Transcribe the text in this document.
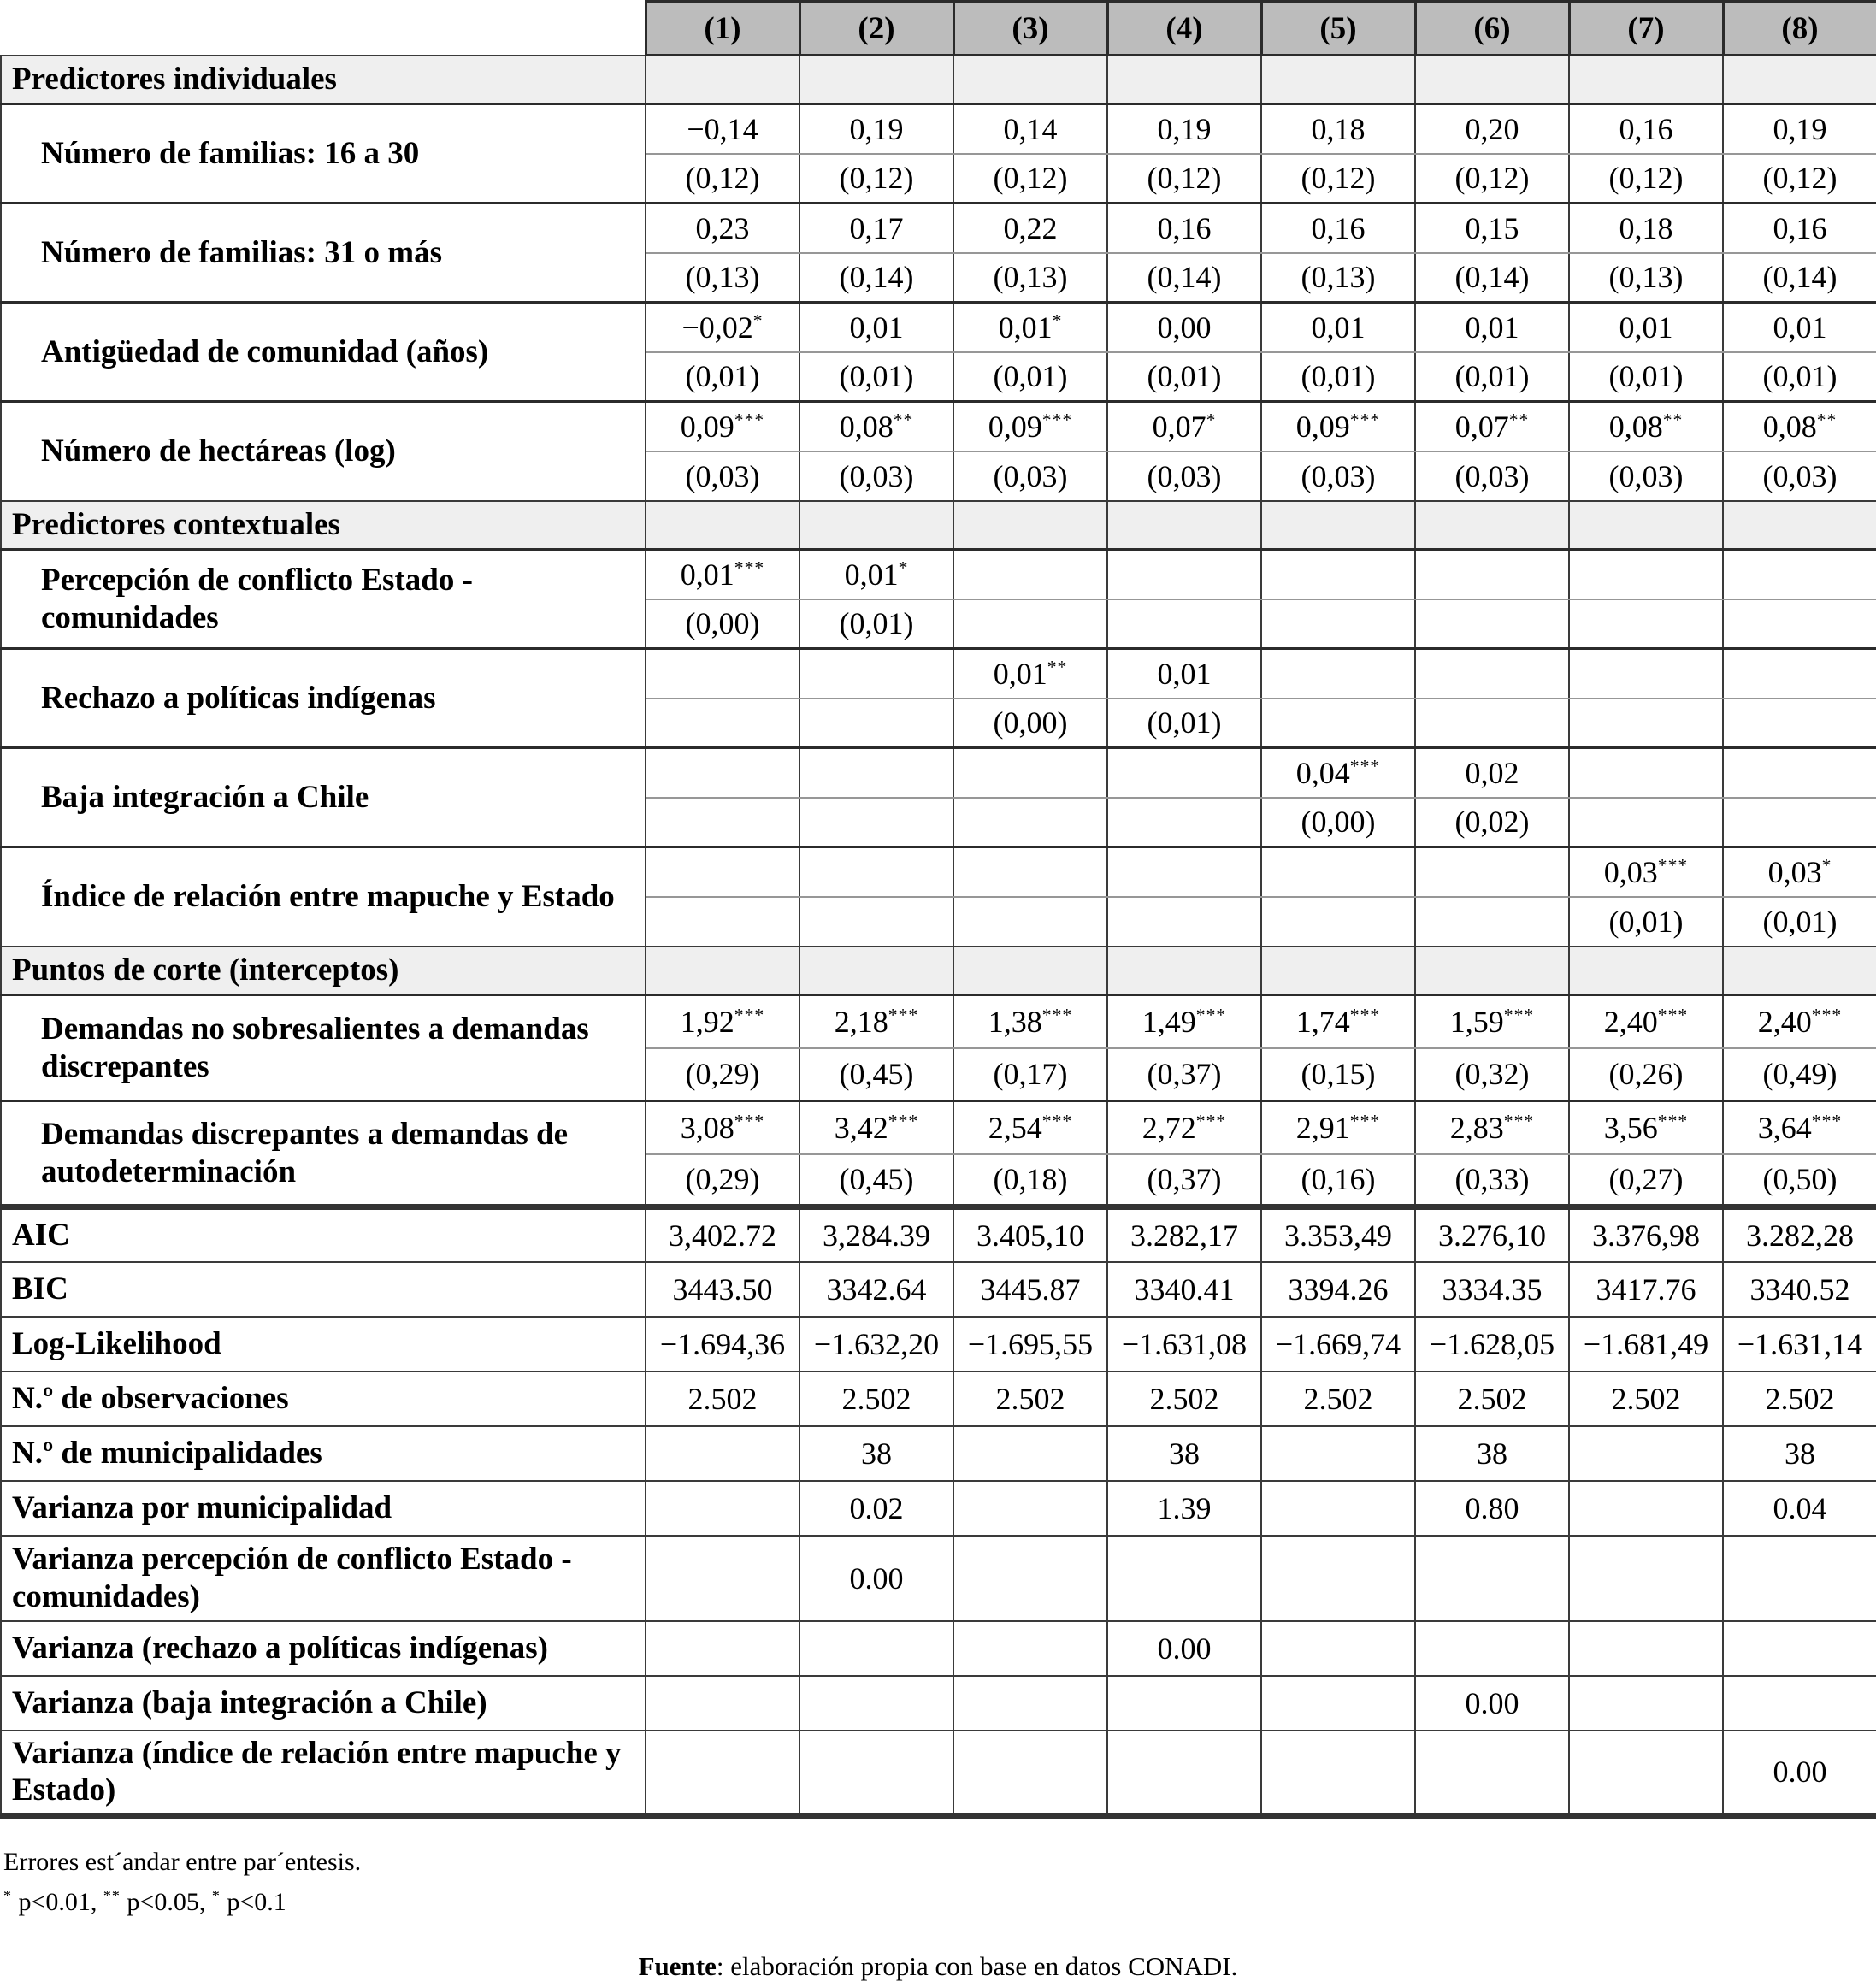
	(1)	(2)	(3)	(4)	(5)	(6)	(7)	(8)
Predictores individuales								
Número de familias: 16 a 30	−0,14	0,19	0,14	0,19	0,18	0,20	0,16	0,19
	(0,12)	(0,12)	(0,12)	(0,12)	(0,12)	(0,12)	(0,12)	(0,12)
Número de familias: 31 o más	0,23	0,17	0,22	0,16	0,16	0,15	0,18	0,16
	(0,13)	(0,14)	(0,13)	(0,14)	(0,13)	(0,14)	(0,13)	(0,14)
Antigüedad de comunidad (años)	−0,02*	0,01	0,01*	0,00	0,01	0,01	0,01	0,01
	(0,01)	(0,01)	(0,01)	(0,01)	(0,01)	(0,01)	(0,01)	(0,01)
Número de hectáreas (log)	0,09***	0,08**	0,09***	0,07*	0,09***	0,07**	0,08**	0,08**
	(0,03)	(0,03)	(0,03)	(0,03)	(0,03)	(0,03)	(0,03)	(0,03)
Predictores contextuales								
Percepción de conflicto Estado - comunidades	0,01***	0,01*						
	(0,00)	(0,01)						
Rechazo a políticas indígenas			0,01**	0,01				
			(0,00)	(0,01)				
Baja integración a Chile					0,04***	0,02		
					(0,00)	(0,02)		
Índice de relación entre mapuche y Estado							0,03***	0,03*
							(0,01)	(0,01)
Puntos de corte (interceptos)								
Demandas no sobresalientes a demandas discrepantes	1,92***	2,18***	1,38***	1,49***	1,74***	1,59***	2,40***	2,40***
	(0,29)	(0,45)	(0,17)	(0,37)	(0,15)	(0,32)	(0,26)	(0,49)
Demandas discrepantes a demandas de autodeterminación	3,08***	3,42***	2,54***	2,72***	2,91***	2,83***	3,56***	3,64***
	(0,29)	(0,45)	(0,18)	(0,37)	(0,16)	(0,33)	(0,27)	(0,50)
AIC	3,402.72	3,284.39	3.405,10	3.282,17	3.353,49	3.276,10	3.376,98	3.282,28
BIC	3443.50	3342.64	3445.87	3340.41	3394.26	3334.35	3417.76	3340.52
Log-Likelihood	−1.694,36	−1.632,20	−1.695,55	−1.631,08	−1.669,74	−1.628,05	−1.681,49	−1.631,14
N.º de observaciones	2.502	2.502	2.502	2.502	2.502	2.502	2.502	2.502
N.º de municipalidades		38		38		38		38
Varianza por municipalidad		0.02		1.39		0.80		0.04
Varianza percepción de conflicto Estado - comunidades)		0.00						
Varianza (rechazo a políticas indígenas)				0.00				
Varianza (baja integración a Chile)						0.00		
Varianza (índice de relación entre mapuche y Estado)								0.00
Errores est´andar entre par´entesis.
* p<0.01, ** p<0.05, * p<0.1
Fuente: elaboración propia con base en datos CONADI.
